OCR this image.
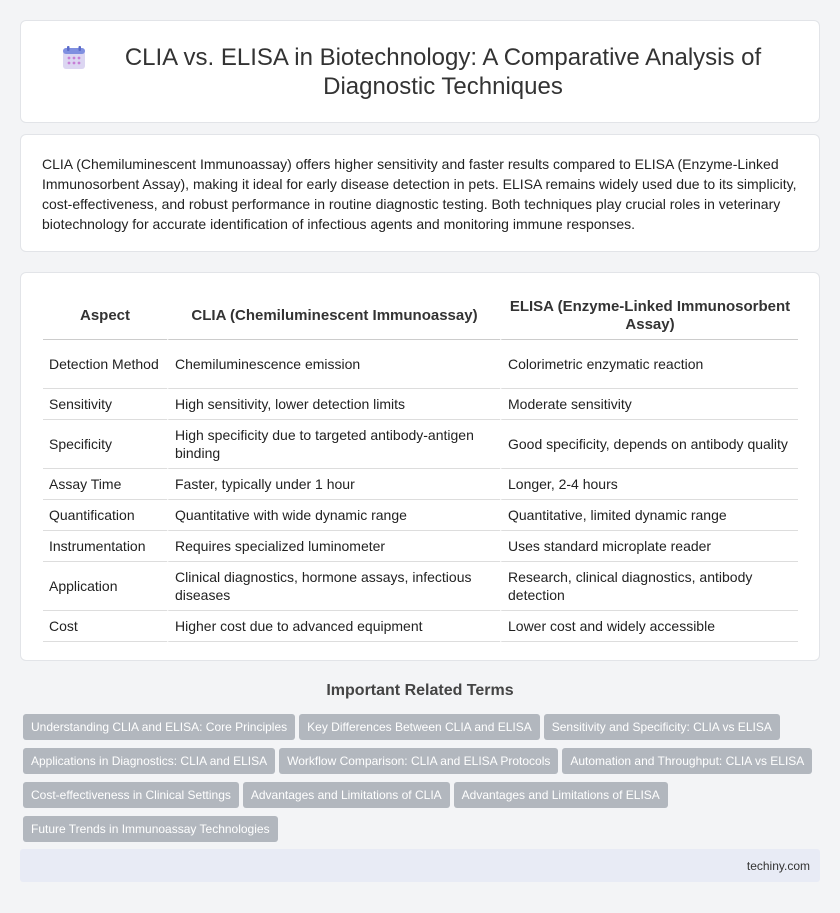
CLIA vs. ELISA in Biotechnology: A Comparative Analysis of Diagnostic Techniques

CLIA (Chemiluminescent Immunoassay) offers higher sensitivity and faster results compared to ELISA (Enzyme-Linked Immunosorbent Assay), making it ideal for early disease detection in pets. ELISA remains widely used due to its simplicity, cost-effectiveness, and robust performance in routine diagnostic testing. Both techniques play crucial roles in veterinary biotechnology for accurate identification of infectious agents and monitoring immune responses.

Aspect	CLIA (Chemiluminescent Immunoassay)	ELISA (Enzyme-Linked Immunosorbent Assay)
Detection Method	Chemiluminescence emission	Colorimetric enzymatic reaction
Sensitivity	High sensitivity, lower detection limits	Moderate sensitivity
Specificity	High specificity due to targeted antibody-antigen binding	Good specificity, depends on antibody quality
Assay Time	Faster, typically under 1 hour	Longer, 2-4 hours
Quantification	Quantitative with wide dynamic range	Quantitative, limited dynamic range
Instrumentation	Requires specialized luminometer	Uses standard microplate reader
Application	Clinical diagnostics, hormone assays, infectious diseases	Research, clinical diagnostics, antibody detection
Cost	Higher cost due to advanced equipment	Lower cost and widely accessible
Important Related Terms
Understanding CLIA and ELISA: Core Principles Key Differences Between CLIA and ELISA Sensitivity and Specificity: CLIA vs ELISA
Applications in Diagnostics: CLIA and ELISA Workflow Comparison: CLIA and ELISA Protocols Automation and Throughput: CLIA vs ELISA
Cost-effectiveness in Clinical Settings Advantages and Limitations of CLIA Advantages and Limitations of ELISA
Future Trends in Immunoassay Technologies
techiny.com
